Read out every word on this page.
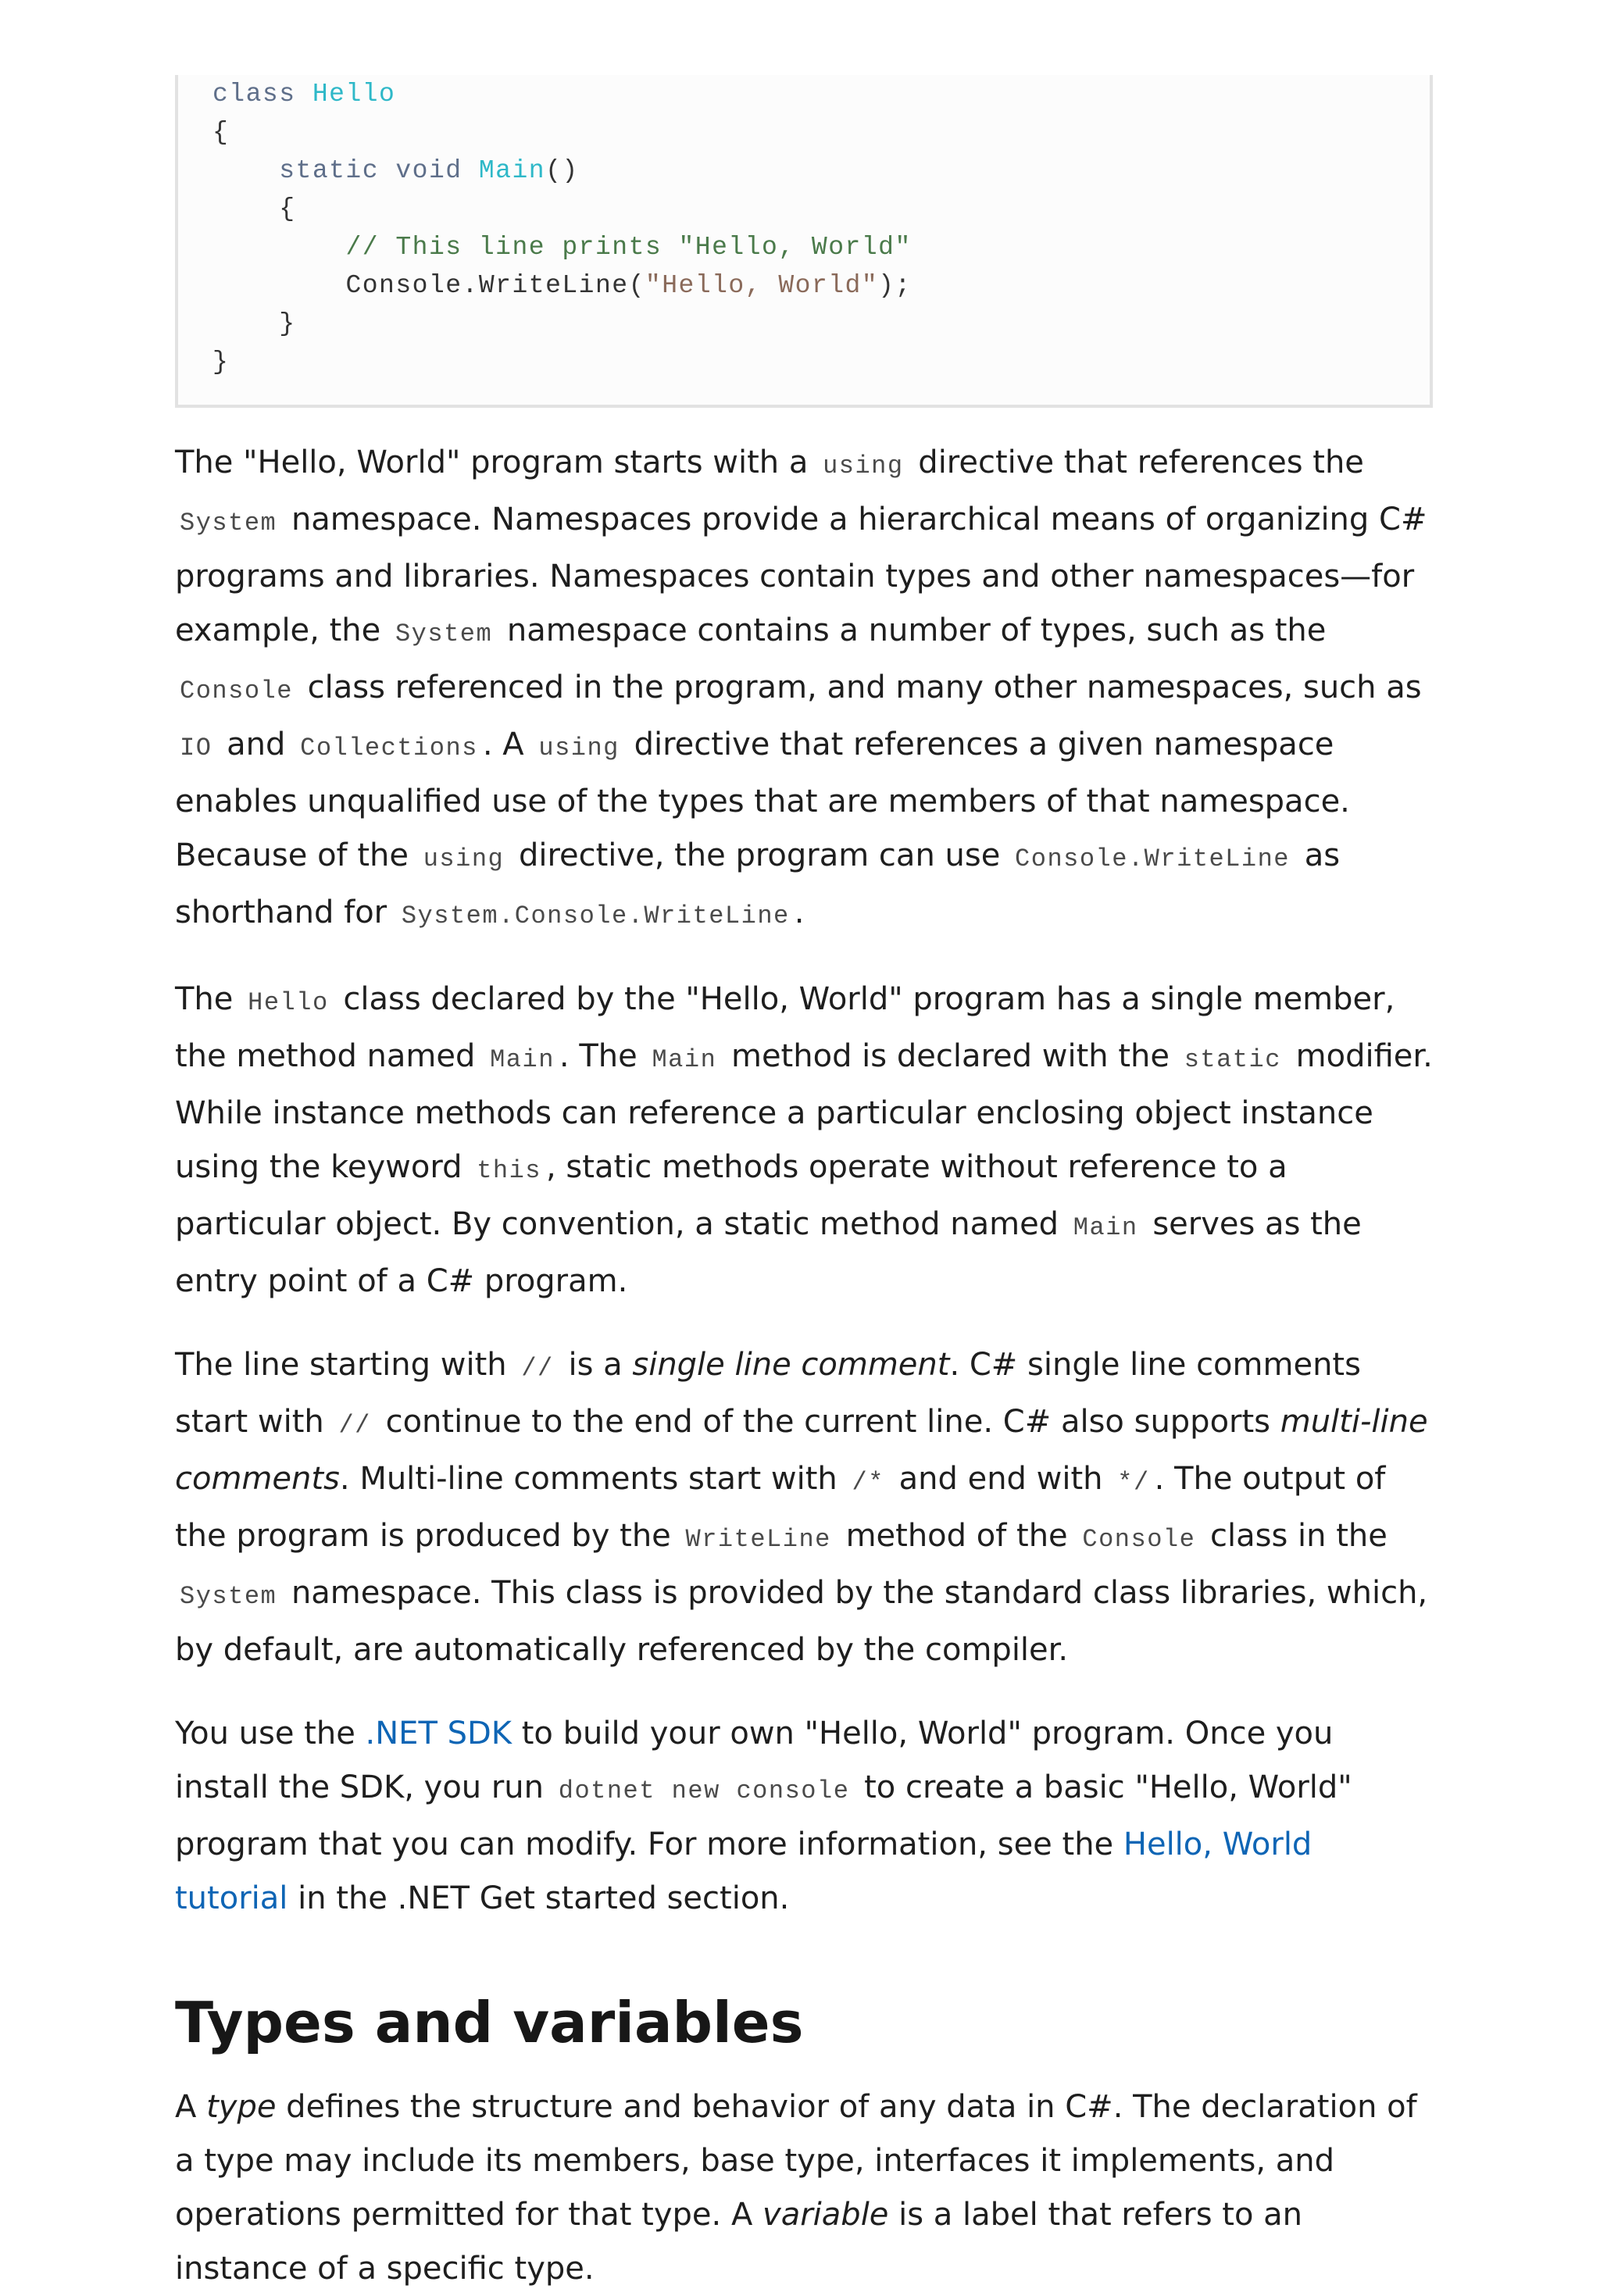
class Hello
{
static void Main()
{
// This line prints "Hello, World"
Console.WriteLine("Hello, World");
}
}

The "Hello, World" program starts with a using directive that references the System namespace. Namespaces provide a hierarchical means of organizing C# programs and libraries. Namespaces contain types and other namespaces—for example, the System namespace contains a number of types, such as the Console class referenced in the program, and many other namespaces, such as IO and Collections . A using directive that references a given namespace enables unqualified use of the types that are members of that namespace. Because of the using directive, the program can use Console.WriteLine as shorthand for System.Console.WriteLine .

The Hello class declared by the "Hello, World" program has a single member, the method named Main . The Main method is declared with the static modifier. While instance methods can reference a particular enclosing object instance using the keyword this , static methods operate without reference to a particular object. By convention, a static method named Main serves as the entry point of a C# program.

The line starting with // is a single line comment. C# single line comments start with // continue to the end of the current line. C# also supports multi-line comments. Multi-line comments start with /* and end with */ . The output of the program is produced by the WriteLine method of the Console class in the System namespace. This class is provided by the standard class libraries, which, by default, are automatically referenced by the compiler.

You use the .NET SDK to build your own "Hello, World" program. Once you install the SDK, you run dotnet new console to create a basic "Hello, World" program that you can modify. For more information, see the Hello, World tutorial in the .NET Get started section.

Types and variables

A type defines the structure and behavior of any data in C#. The declaration of a type may include its members, base type, interfaces it implements, and operations permitted for that type. A variable is a label that refers to an instance of a specific type.
